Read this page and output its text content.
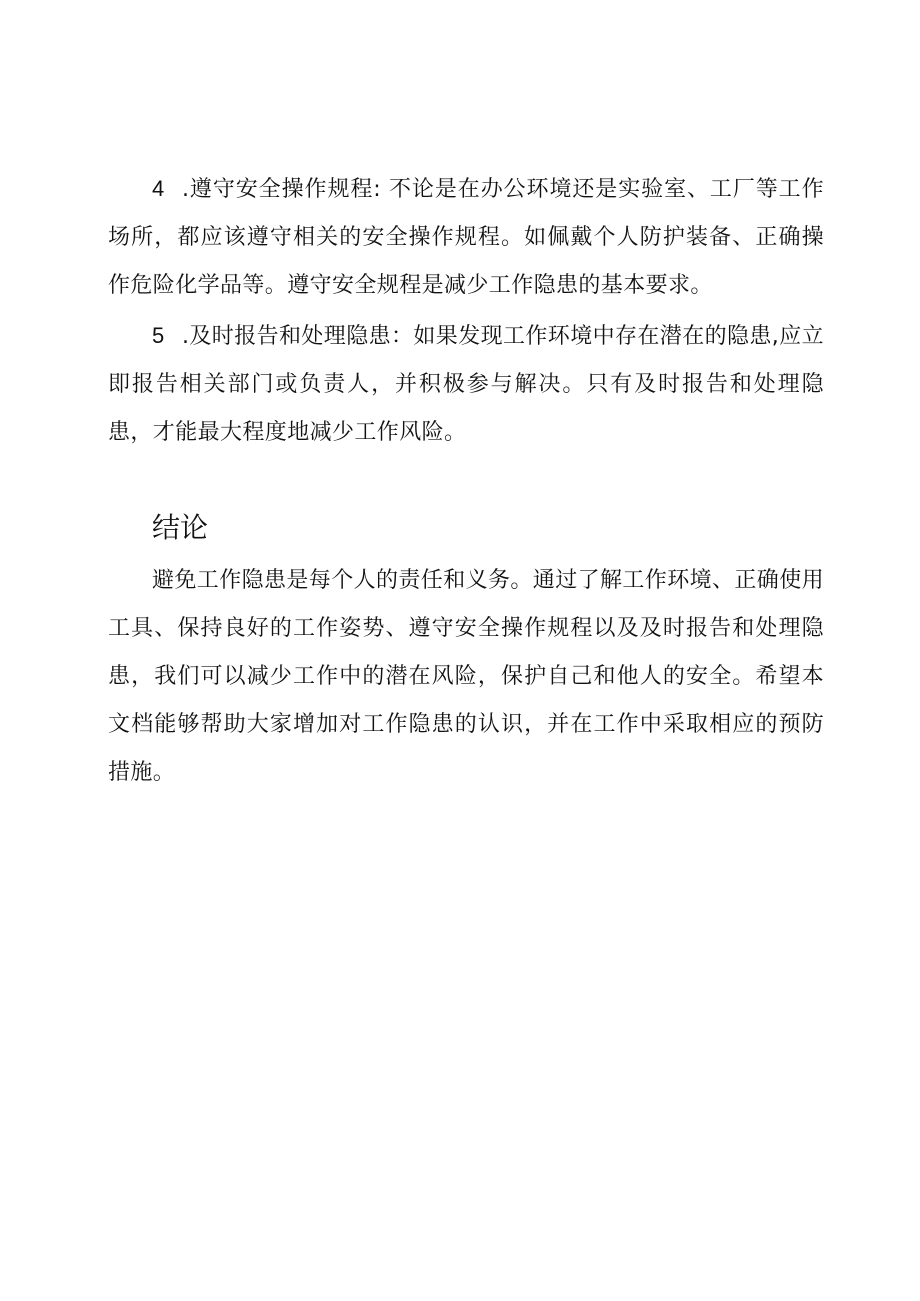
4 .遵守安全操作规程: 不论是在办公环境还是实验室、工厂等工作场所，都应该遵守相关的安全操作规程。如佩戴个人防护装备、正确操作危险化学品等。遵守安全规程是减少工作隐患的基本要求。

5 .及时报告和处理隐患：如果发现工作环境中存在潜在的隐患,应立即报告相关部门或负责人，并积极参与解决。只有及时报告和处理隐患，才能最大程度地减少工作风险。

结论

避免工作隐患是每个人的责任和义务。通过了解工作环境、正确使用工具、保持良好的工作姿势、遵守安全操作规程以及及时报告和处理隐患，我们可以减少工作中的潜在风险，保护自己和他人的安全。希望本文档能够帮助大家增加对工作隐患的认识，并在工作中采取相应的预防措施。
